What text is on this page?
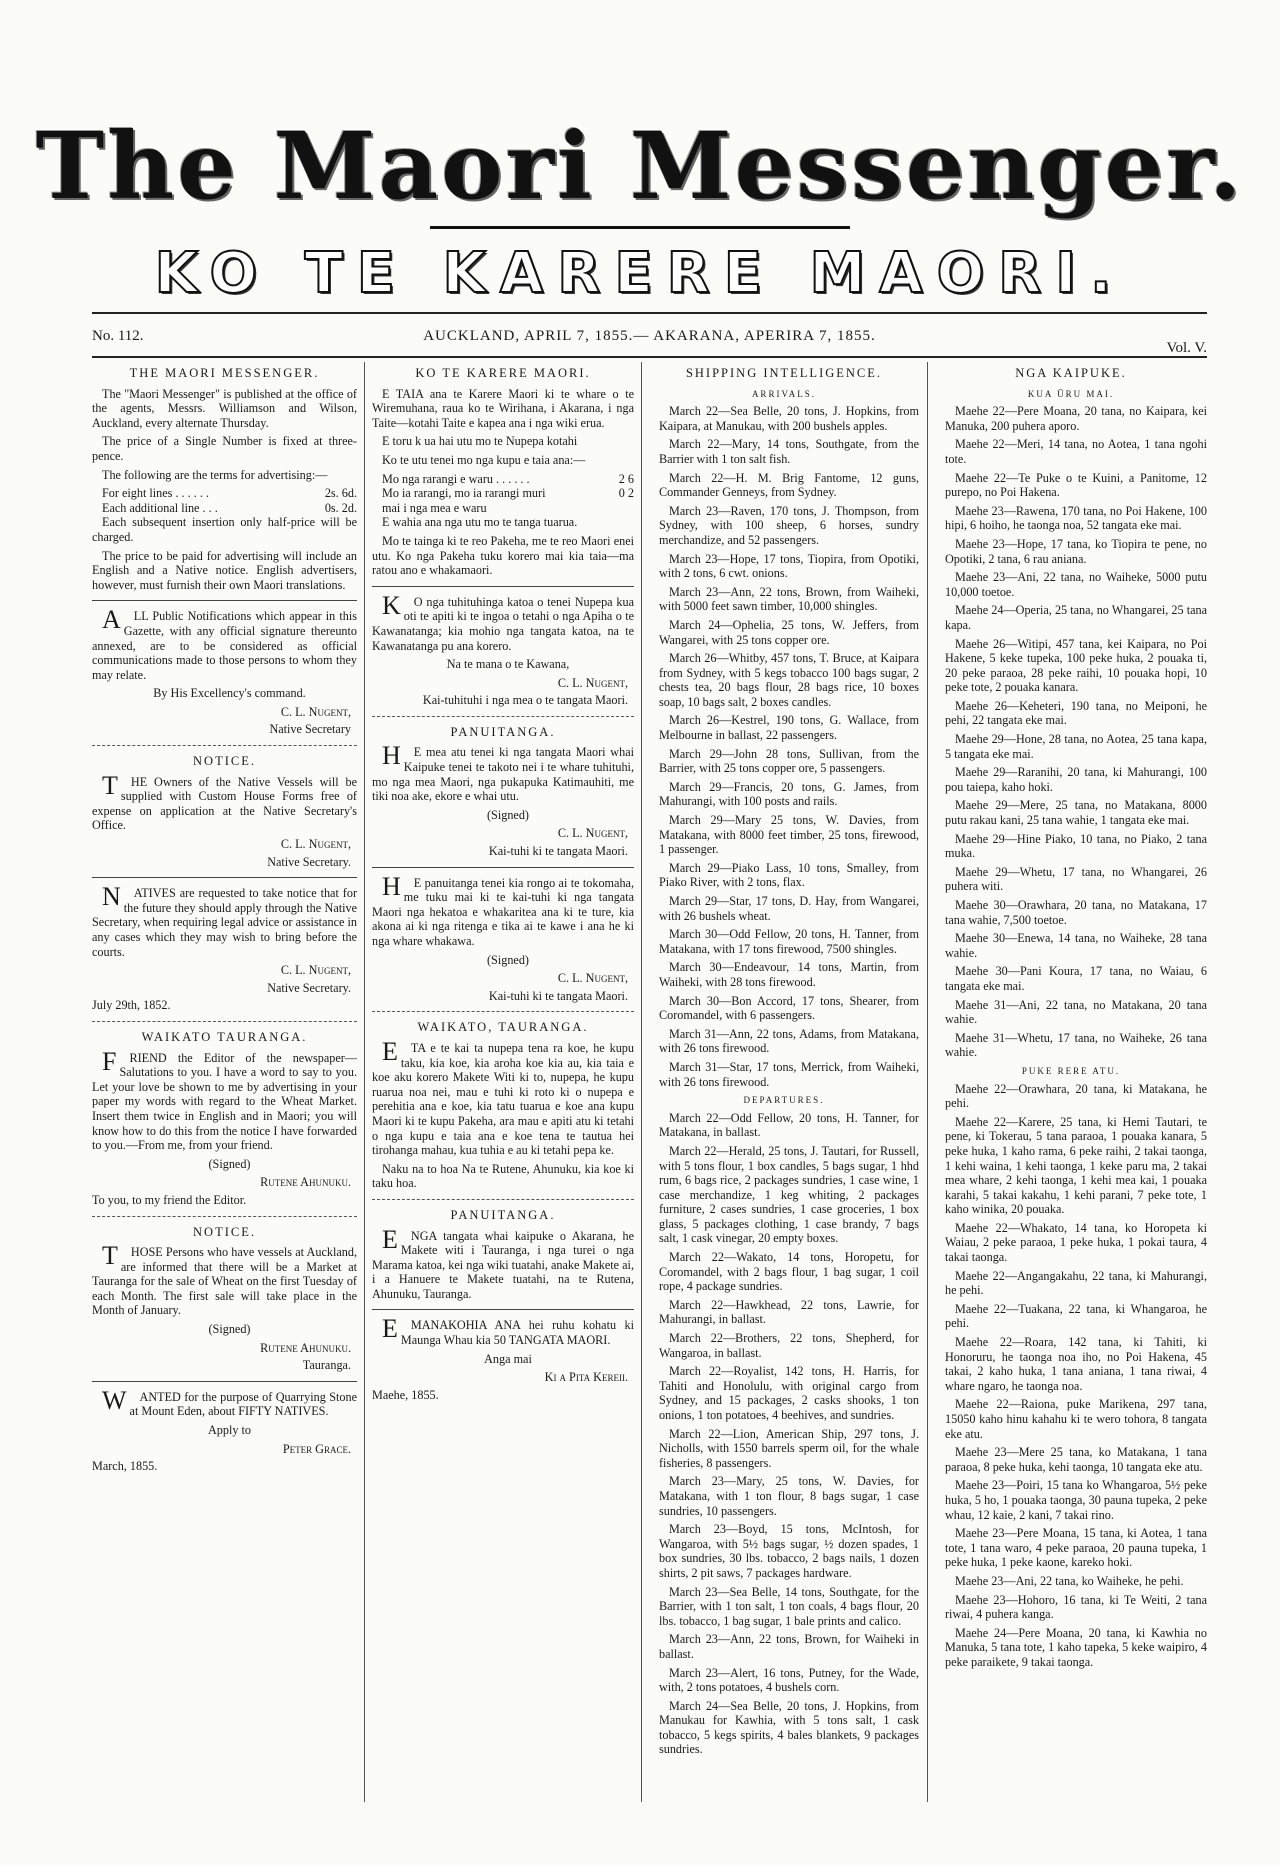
The Maori Messenger.
KO TE KARERE MAORI.
No. 112.	AUCKLAND, APRIL 7, 1855.— AKARANA, APERIRA 7, 1855.
Vol. V.
THE MAORI MESSENGER.

The "Maori Messenger" is published at the office of the agents, Messrs. Williamson and Wilson, Auckland, every alternate Thursday.

The price of a Single Number is fixed at three-pence.

The following are the terms for advertising:—

For eight lines . . . . . .	2s. 6d.
Each additional line . . .	0s. 2d.

Each subsequent insertion only half-price will be charged.

The price to be paid for advertising will include an English and a Native notice. English advertisers, however, must furnish their own Maori translations.

ALL Public Notifications which appear in this Gazette, with any official signature thereunto annexed, are to be considered as official communications made to those persons to whom they may relate.

By His Excellency's command.

C. L. Nugent,
Native Secretary
NOTICE.

THE Owners of the Native Vessels will be supplied with Custom House Forms free of expense on application at the Native Secretary's Office.

C. L. Nugent,
Native Secretary.

NATIVES are requested to take notice that for the future they should apply through the Native Secretary, when requiring legal advice or assistance in any cases which they may wish to bring before the courts.

C. L. Nugent,
Native Secretary.

July 29th, 1852.

WAIKATO TAURANGA.

FRIEND the Editor of the newspaper— Salutations to you. I have a word to say to you. Let your love be shown to me by advertising in your paper my words with regard to the Wheat Market. Insert them twice in English and in Maori; you will know how to do this from the notice I have forwarded to you.—From me, from your friend.

(Signed)

Rutene Ahunuku.

To you, to my friend the Editor.

NOTICE.

THOSE Persons who have vessels at Auckland, are informed that there will be a Market at Tauranga for the sale of Wheat on the first Tuesday of each Month. The first sale will take place in the Month of January.

(Signed)

Rutene Ahunuku.
Tauranga.

WANTED for the purpose of Quarrying Stone at Mount Eden, about FIFTY NATIVES.

Apply to

Peter Grace.

March, 1855.

KO TE KARERE MAORI.

E TAIA ana te Karere Maori ki te whare o te Wiremuhana, raua ko te Wirihana, i Akarana, i nga Taite—kotahi Taite e kapea ana i nga wiki erua.

E toru k ua hai utu mo te Nupepa kotahi

Ko te utu tenei mo nga kupu e taia ana:—

Mo nga rarangi e waru . . . . . .	2 6
Mo ia rarangi, mo ia rarangi muri	0 2
mai i nga mea e waru

E wahia ana nga utu mo te tanga tuarua.

Mo te tainga ki te reo Pakeha, me te reo Maori enei utu. Ko nga Pakeha tuku korero mai kia taia—ma ratou ano e whakamaori.

KO nga tuhituhinga katoa o tenei Nupepa kua oti te apiti ki te ingoa o tetahi o nga Apiha o te Kawanatanga; kia mohio nga tangata katoa, na te Kawanatanga pu ana korero.

Na te mana o te Kawana,

C. L. Nugent,
Kai-tuhituhi i nga mea o te tangata Maori.
PANUITANGA.

HE mea atu tenei ki nga tangata Maori whai Kaipuke tenei te takoto nei i te whare tuhituhi, mo nga mea Maori, nga pukapuka Katimauhiti, me tiki noa ake, ekore e whai utu.

(Signed)

C. L. Nugent,
Kai-tuhi ki te tangata Maori.

HE panuitanga tenei kia rongo ai te tokomaha, me tuku mai ki te kai-tuhi ki nga tangata Maori nga hekatoa e whakaritea ana ki te ture, kia akona ai ki nga ritenga e tika ai te kawe i ana he ki nga whare whakawa.

(Signed)

C. L. Nugent,
Kai-tuhi ki te tangata Maori.
WAIKATO, TAURANGA.

ETA e te kai ta nupepa tena ra koe, he kupu taku, kia koe, kia aroha koe kia au, kia taia e koe aku korero Makete Witi ki to, nupepa, he kupu ruarua noa nei, mau e tuhi ki roto ki o nupepa e perehitia ana e koe, kia tatu tuarua e koe ana kupu Maori ki te kupu Pakeha, ara mau e apiti atu ki tetahi o nga kupu e taia ana e koe tena te tautua hei tirohanga mahau, kua tuhia e au ki tetahi pepa ke.

Naku na to hoa Na te Rutene, Ahunuku, kia koe ki taku hoa.

PANUITANGA.

ENGA tangata whai kaipuke o Akarana, he Makete witi i Tauranga, i nga turei o nga Marama katoa, kei nga wiki tuatahi, anake Makete ai, i a Hanuere te Makete tuatahi, na te Rutena, Ahunuku, Tauranga.

EMANAKOHIA ANA hei ruhu kohatu ki Maunga Whau kia 50 TANGATA MAORI.

Anga mai

Ki a Pita Kereii.

Maehe, 1855.

SHIPPING INTELLIGENCE.
ARRIVALS.

March 22—Sea Belle, 20 tons, J. Hopkins, from Kaipara, at Manukau, with 200 bushels apples.

March 22—Mary, 14 tons, Southgate, from the Barrier with 1 ton salt fish.

March 22—H. M. Brig Fantome, 12 guns, Commander Genneys, from Sydney.

March 23—Raven, 170 tons, J. Thompson, from Sydney, with 100 sheep, 6 horses, sundry merchandize, and 52 passengers.

March 23—Hope, 17 tons, Tiopira, from Opotiki, with 2 tons, 6 cwt. onions.

March 23—Ann, 22 tons, Brown, from Waiheki, with 5000 feet sawn timber, 10,000 shingles.

March 24—Ophelia, 25 tons, W. Jeffers, from Wangarei, with 25 tons copper ore.

March 26—Whitby, 457 tons, T. Bruce, at Kaipara from Sydney, with 5 kegs tobacco 100 bags sugar, 2 chests tea, 20 bags flour, 28 bags rice, 10 boxes soap, 10 bags salt, 2 boxes candles.

March 26—Kestrel, 190 tons, G. Wallace, from Melbourne in ballast, 22 passengers.

March 29—John 28 tons, Sullivan, from the Barrier, with 25 tons copper ore, 5 passengers.

March 29—Francis, 20 tons, G. James, from Mahurangi, with 100 posts and rails.

March 29—Mary 25 tons, W. Davies, from Matakana, with 8000 feet timber, 25 tons, firewood, 1 passenger.

March 29—Piako Lass, 10 tons, Smalley, from Piako River, with 2 tons, flax.

March 29—Star, 17 tons, D. Hay, from Wangarei, with 26 bushels wheat.

March 30—Odd Fellow, 20 tons, H. Tanner, from Matakana, with 17 tons firewood, 7500 shingles.

March 30—Endeavour, 14 tons, Martin, from Waiheki, with 28 tons firewood.

March 30—Bon Accord, 17 tons, Shearer, from Coromandel, with 6 passengers.

March 31—Ann, 22 tons, Adams, from Matakana, with 26 tons firewood.

March 31—Star, 17 tons, Merrick, from Waiheki, with 26 tons firewood.

DEPARTURES.

March 22—Odd Fellow, 20 tons, H. Tanner, for Matakana, in ballast.

March 22—Herald, 25 tons, J. Tautari, for Russell, with 5 tons flour, 1 box candles, 5 bags sugar, 1 hhd rum, 6 bags rice, 2 packages sundries, 1 case wine, 1 case merchandize, 1 keg whiting, 2 packages furniture, 2 cases sundries, 1 case groceries, 1 box glass, 5 packages clothing, 1 case brandy, 7 bags salt, 1 cask vinegar, 20 empty boxes.

March 22—Wakato, 14 tons, Horopetu, for Coromandel, with 2 bags flour, 1 bag sugar, 1 coil rope, 4 package sundries.

March 22—Hawkhead, 22 tons, Lawrie, for Mahurangi, in ballast.

March 22—Brothers, 22 tons, Shepherd, for Wangaroa, in ballast.

March 22—Royalist, 142 tons, H. Harris, for Tahiti and Honolulu, with original cargo from Sydney, and 15 packages, 2 casks shooks, 1 ton onions, 1 ton potatoes, 4 beehives, and sundries.

March 22—Lion, American Ship, 297 tons, J. Nicholls, with 1550 barrels sperm oil, for the whale fisheries, 8 passengers.

March 23—Mary, 25 tons, W. Davies, for Matakana, with 1 ton flour, 8 bags sugar, 1 case sundries, 10 passengers.

March 23—Boyd, 15 tons, McIntosh, for Wangaroa, with 5½ bags sugar, ½ dozen spades, 1 box sundries, 30 lbs. tobacco, 2 bags nails, 1 dozen shirts, 2 pit saws, 7 packages hardware.

March 23—Sea Belle, 14 tons, Southgate, for the Barrier, with 1 ton salt, 1 ton coals, 4 bags flour, 20 lbs. tobacco, 1 bag sugar, 1 bale prints and calico.

March 23—Ann, 22 tons, Brown, for Waiheki in ballast.

March 23—Alert, 16 tons, Putney, for the Wade, with, 2 tons potatoes, 4 bushels corn.

March 24—Sea Belle, 20 tons, J. Hopkins, from Manukau for Kawhia, with 5 tons salt, 1 cask tobacco, 5 kegs spirits, 4 bales blankets, 9 packages sundries.

NGA KAIPUKE.
KUA ŪRU MAI.

Maehe 22—Pere Moana, 20 tana, no Kaipara, kei Manuka, 200 puhera aporo.

Maehe 22—Meri, 14 tana, no Aotea, 1 tana ngohi tote.

Maehe 22—Te Puke o te Kuini, a Panitome, 12 purepo, no Poi Hakena.

Maehe 23—Rawena, 170 tana, no Poi Hakene, 100 hipi, 6 hoiho, he taonga noa, 52 tangata eke mai.

Maehe 23—Hope, 17 tana, ko Tiopira te pene, no Opotiki, 2 tana, 6 rau aniana.

Maehe 23—Ani, 22 tana, no Waiheke, 5000 putu 10,000 toetoe.

Maehe 24—Operia, 25 tana, no Whangarei, 25 tana kapa.

Maehe 26—Witipi, 457 tana, kei Kaipara, no Poi Hakene, 5 keke tupeka, 100 peke huka, 2 pouaka ti, 20 peke paraoa, 28 peke raihi, 10 pouaka hopi, 10 peke tote, 2 pouaka kanara.

Maehe 26—Keheteri, 190 tana, no Meiponi, he pehi, 22 tangata eke mai.

Maehe 29—Hone, 28 tana, no Aotea, 25 tana kapa, 5 tangata eke mai.

Maehe 29—Raranihi, 20 tana, ki Mahurangi, 100 pou taiepa, kaho hoki.

Maehe 29—Mere, 25 tana, no Matakana, 8000 putu rakau kani, 25 tana wahie, 1 tangata eke mai.

Maehe 29—Hine Piako, 10 tana, no Piako, 2 tana muka.

Maehe 29—Whetu, 17 tana, no Whangarei, 26 puhera witi.

Maehe 30—Orawhara, 20 tana, no Matakana, 17 tana wahie, 7,500 toetoe.

Maehe 30—Enewa, 14 tana, no Waiheke, 28 tana wahie.

Maehe 30—Pani Koura, 17 tana, no Waiau, 6 tangata eke mai.

Maehe 31—Ani, 22 tana, no Matakana, 20 tana wahie.

Maehe 31—Whetu, 17 tana, no Waiheke, 26 tana wahie.

PUKE RERE ATU.

Maehe 22—Orawhara, 20 tana, ki Matakana, he pehi.

Maehe 22—Karere, 25 tana, ki Hemi Tautari, te pene, ki Tokerau, 5 tana paraoa, 1 pouaka kanara, 5 peke huka, 1 kaho rama, 6 peke raihi, 2 takai taonga, 1 kehi waina, 1 kehi taonga, 1 keke paru ma, 2 takai mea whare, 2 kehi taonga, 1 kehi mea kai, 1 pouaka karahi, 5 takai kakahu, 1 kehi parani, 7 peke tote, 1 kaho winika, 20 pouaka.

Maehe 22—Whakato, 14 tana, ko Horopeta ki Waiau, 2 peke paraoa, 1 peke huka, 1 pokai taura, 4 takai taonga.

Maehe 22—Angangakahu, 22 tana, ki Mahurangi, he pehi.

Maehe 22—Tuakana, 22 tana, ki Whangaroa, he pehi.

Maehe 22—Roara, 142 tana, ki Tahiti, ki Honoruru, he taonga noa iho, no Poi Hakena, 45 takai, 2 kaho huka, 1 tana aniana, 1 tana riwai, 4 whare ngaro, he taonga noa.

Maehe 22—Raiona, puke Marikena, 297 tana, 15050 kaho hinu kahahu ki te wero tohora, 8 tangata eke atu.

Maehe 23—Mere 25 tana, ko Matakana, 1 tana paraoa, 8 peke huka, kehi taonga, 10 tangata eke atu.

Maehe 23—Poiri, 15 tana ko Whangaroa, 5½ peke huka, 5 ho, 1 pouaka taonga, 30 pauna tupeka, 2 peke whau, 12 kaie, 2 kani, 7 takai rino.

Maehe 23—Pere Moana, 15 tana, ki Aotea, 1 tana tote, 1 tana waro, 4 peke paraoa, 20 pauna tupeka, 1 peke huka, 1 peke kaone, kareko hoki.

Maehe 23—Ani, 22 tana, ko Waiheke, he pehi.

Maehe 23—Hohoro, 16 tana, ki Te Weiti, 2 tana riwai, 4 puhera kanga.

Maehe 24—Pere Moana, 20 tana, ki Kawhia no Manuka, 5 tana tote, 1 kaho tapeka, 5 keke waipiro, 4 peke paraikete, 9 takai taonga.
